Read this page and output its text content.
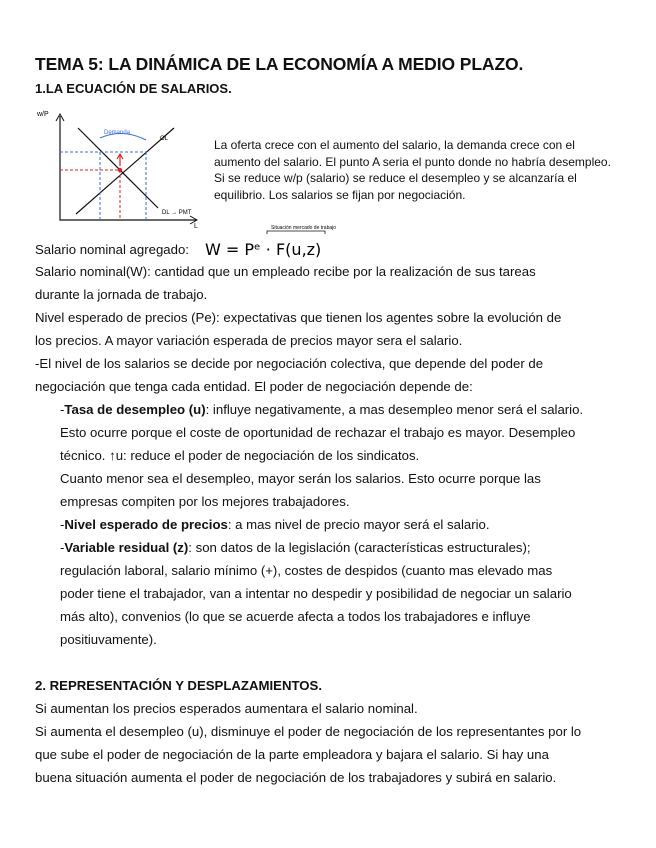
TEMA 5: LA DINÁMICA DE LA ECONOMÍA A MEDIO PLAZO.
1.LA ECUACIÓN DE SALARIOS.
w/P
L
Demanda
OL
DL → PMT
La oferta crece con el aumento del salario, la demanda crece con el aumento del salario. El punto A seria el punto donde no habría desempleo. Si se reduce w/p (salario) se reduce el desempleo y se alcanzaría el equilibrio. Los salarios se fijan por negociación.
Salario nominal agregado:
Situación mercado de trabajo
W = Pᵉ · F(u,z)
Salario nominal(W): cantidad que un empleado recibe por la realización de sus tareas
durante la jornada de trabajo.
Nivel esperado de precios (Pe): expectativas que tienen los agentes sobre la evolución de
los precios. A mayor variación esperada de precios mayor sera el salario.
-El nivel de los salarios se decide por negociación colectiva, que depende del poder de
negociación que tenga cada entidad. El poder de negociación depende de:
-Tasa de desempleo (u): influye negativamente, a mas desempleo menor será el salario.
Esto ocurre porque el coste de oportunidad de rechazar el trabajo es mayor. Desempleo
técnico. ↑u: reduce el poder de negociación de los sindicatos.
Cuanto menor sea el desempleo, mayor serán los salarios. Esto ocurre porque las
empresas compiten por los mejores trabajadores.
-Nivel esperado de precios: a mas nivel de precio mayor será el salario.
-Variable residual (z): son datos de la legislación (características estructurales);
regulación laboral, salario mínimo (+), costes de despidos (cuanto mas elevado mas
poder tiene el trabajador, van a intentar no despedir y posibilidad de negociar un salario
más alto), convenios (lo que se acuerde afecta a todos los trabajadores e influye
positiuvamente).
2. REPRESENTACIÓN Y DESPLAZAMIENTOS.
Si aumentan los precios esperados aumentara el salario nominal.
Si aumenta el desempleo (u), disminuye el poder de negociación de los representantes por lo
que sube el poder de negociación de la parte empleadora y bajara el salario. Si hay una
buena situación aumenta el poder de negociación de los trabajadores y subirá en salario.
